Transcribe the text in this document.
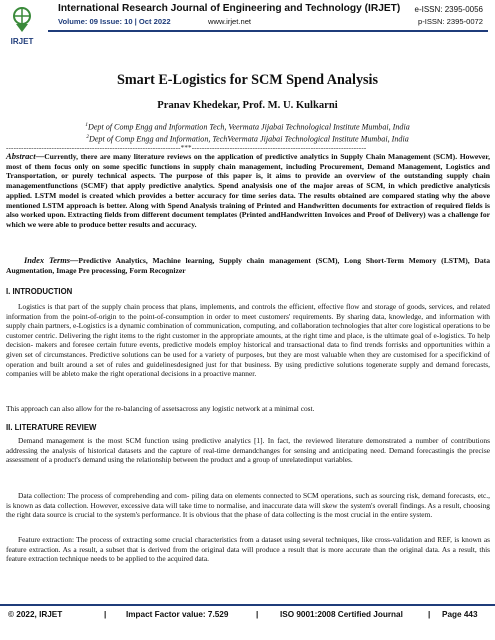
IRJET
International Research Journal of Engineering and Technology (IRJET) e-ISSN: 2395-0056
Volume: 09 Issue: 10 | Oct 2022	www.irjet.net	p-ISSN: 2395-0072
Smart E-Logistics for SCM Spend Analysis
Pranav Khedekar, Prof. M. U. Kulkarni
$^1$Dept of Comp Engg and Information Tech, Veermata Jijabai Technological Institute Mumbai, India
$^2$Dept of Comp Engg and Information, TechVeermata Jijabai Technological Institute Mumbai, India
---------------------------------------------------------------------***---------------------------------------------------------------------
Abstract—Currently, there are many literature reviews on the application of predictive analytics in Supply Chain Management (SCM). However, most of them focus only on some specific functions in supply chain management, including Procurement, Demand Management, Logistics and Transportation, or purely technical aspects. The purpose of this paper is, it aims to provide an overview of the outstanding supply chain managementfunctions (SCMF) that apply predictive analytics. Spend analysisis one of the major areas of SCM, in which predictive analyticsis applied. LSTM model is created which provides a better accuracy for time series data. The results obtained are compared stating why the above mentioned LSTM approach is better. Along with Spend Analysis training of Printed and Handwritten documents for extraction of required fields is also worked upon. Extracting fields from different document templates (Printed andHandwritten Invoices and Proof of Delivery) was a challenge for which we were able to produce better results and accuracy.
Index Terms—Predictive Analytics, Machine learning, Supply chain management (SCM), Long Short-Term Memory (LSTM), Data Augmentation, Image Pre processing, Form Recognizer
I. INTRODUCTION
Logistics is that part of the supply chain process that plans, implements, and controls the efficient, effective flow and storage of goods, services, and related information from the point-of-origin to the point-of-consumption in order to meet customers' requirements. By sharing data, knowledge, and information with supply chain partners, e-Logistics is a dynamic combination of communication, computing, and collaboration technologies that alter core logistical operations to be customer centric. Delivering the right items to the right customer in the appropriate amounts, at the right time and place, is the ultimate goal of e-logistics. To help decision- makers and foresee certain future events, predictive models employ historical and transactional data to find trends forrisks and opportunities within a given set of circumstances. Predictive solutions can be used for a variety of purposes, but they are most valuable when they are customised for a specifickind of operation and built around a set of rules and guidelinesdesigned just for that business. By using predictive solutions togenerate supply and demand forecasts, companies will be ableto make the right operational decisions in a proactive manner.
This approach can also allow for the re-balancing of assetsacross any logistic network at a minimal cost.
II. LITERATURE REVIEW
Demand management is the most SCM function using predictive analytics [1]. In fact, the reviewed literature demonstrated a number of contributions addressing the analysis of historical datasets and the capture of real-time demandchanges for sensing and anticipating need. Demand forecastingis the precise assessment of a product's demand using the relationship between the product and a group of unrelatedinput variables.
Data collection: The process of comprehending and com- piling data on elements connected to SCM operations, such as sourcing risk, demand forecasts, etc., is known as data collection. However, excessive data will take time to normalise, and inaccurate data will skew the system's overall findings. As a result, choosing the right data source is crucial to the system's performance. It is obvious that the phase of data collecting is the most crucial in the entire system.
Feature extraction: The process of extracting some crucial characteristics from a dataset using several techniques, like cross-validation and REF, is known as feature extraction. As a result, a subset that is derived from the original data will produce a result that is more accurate than the original data. As a result, this feature extraction technique needs to be applied to the acquired data.
© 2022, IRJET	| Impact Factor value: 7.529	|	ISO 9001:2008 Certified Journal	| Page 443
